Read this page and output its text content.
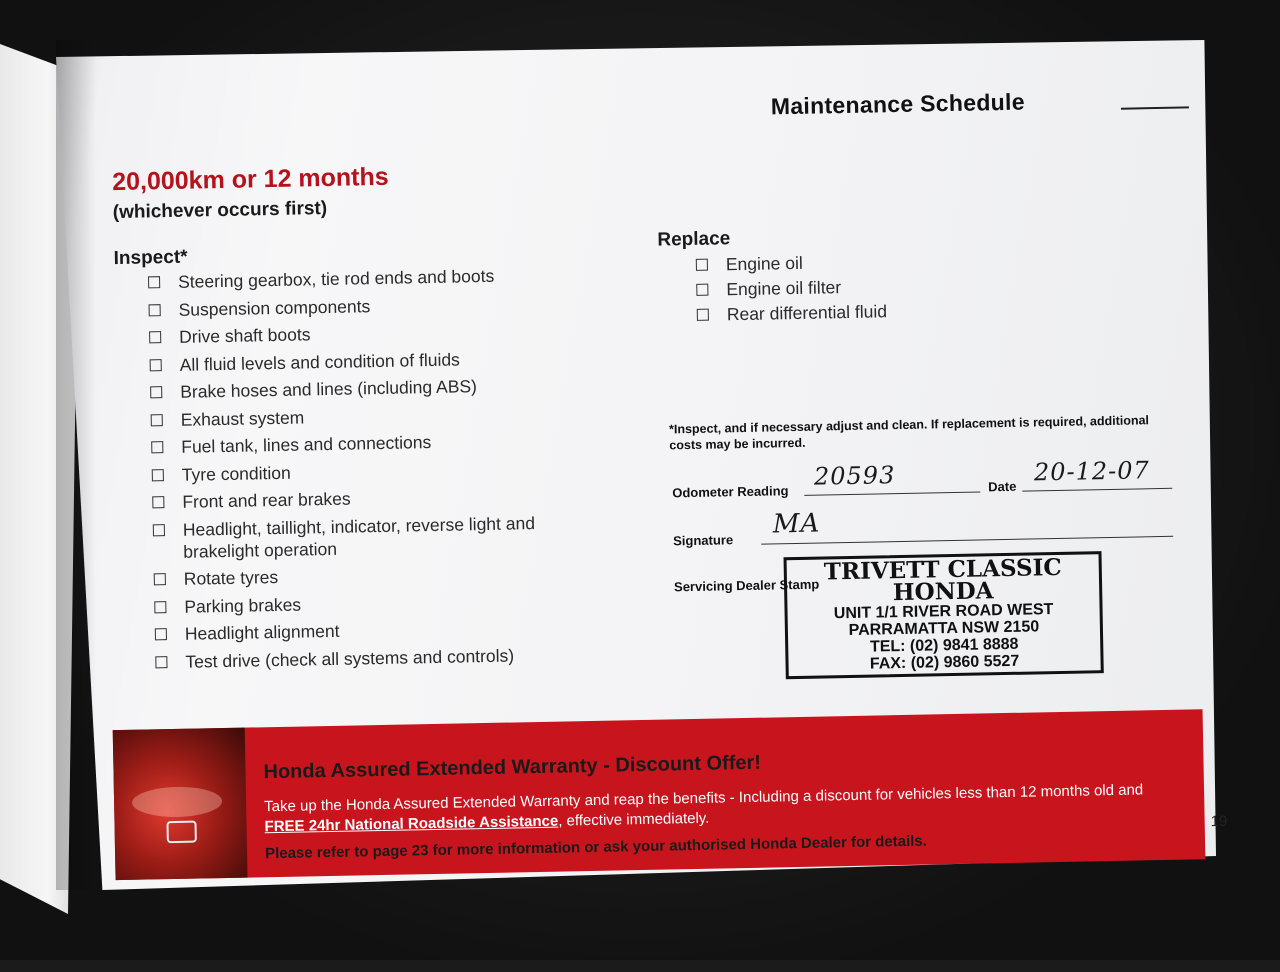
Maintenance Schedule
20,000km or 12 months
(whichever occurs first)
Inspect*
Steering gearbox, tie rod ends and boots
Suspension components
Drive shaft boots
All fluid levels and condition of fluids
Brake hoses and lines (including ABS)
Exhaust system
Fuel tank, lines and connections
Tyre condition
Front and rear brakes
Headlight, taillight, indicator, reverse light and brakelight operation
Rotate tyres
Parking brakes
Headlight alignment
Test drive (check all systems and controls)
Replace
Engine oil
Engine oil filter
Rear differential fluid
*Inspect, and if necessary adjust and clean. If replacement is required, additional costs may be incurred.
Odometer Reading
20593	Date
20-12-07
Signature
MA
Servicing Dealer Stamp TRIVETT CLASSIC
HONDA
UNIT 1/1 RIVER ROAD WEST
PARRAMATTA NSW 2150
TEL: (02) 9841 8888
FAX: (02) 9860 5527
Honda Assured Extended Warranty - Discount Offer!
Take up the Honda Assured Extended Warranty and reap the benefits - Including a discount for vehicles less than 12 months old and FREE 24hr National Roadside Assistance, effective immediately.
Please refer to page 23 for more information or ask your authorised Honda Dealer for details.
19
